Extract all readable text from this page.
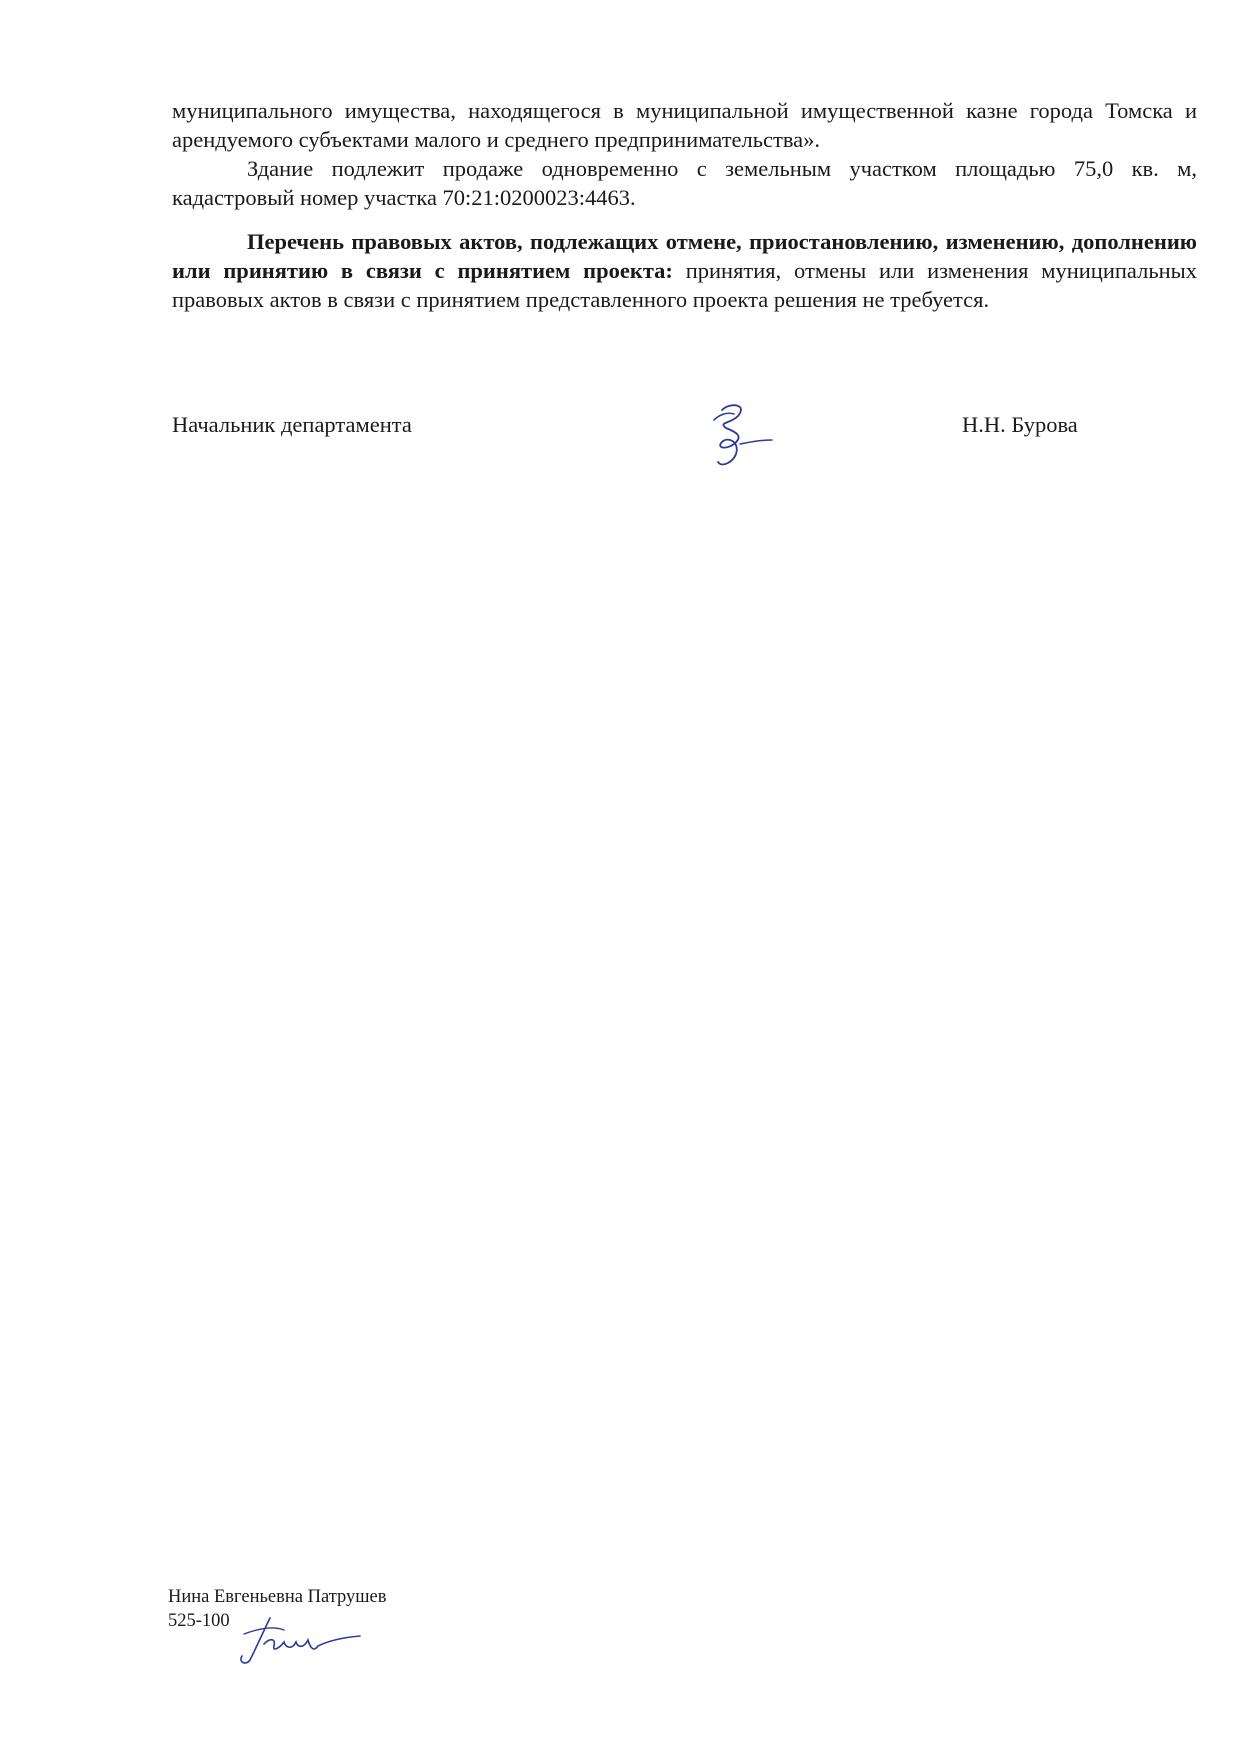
муниципального имущества, находящегося в муниципальной имущественной казне города Томска и арендуемого субъектами малого и среднего предпринимательства».

Здание подлежит продаже одновременно с земельным участком площадью 75,0 кв. м, кадастровый номер участка 70:21:0200023:4463.

Перечень правовых актов, подлежащих отмене, приостановлению, изменению, дополнению или принятию в связи с принятием проекта: принятия, отмены или изменения муниципальных правовых актов в связи с принятием представленного проекта решения не требуется.

Начальник департамента	Н.Н. Бурова
Нина Евгеньевна Патрушев
525-100
